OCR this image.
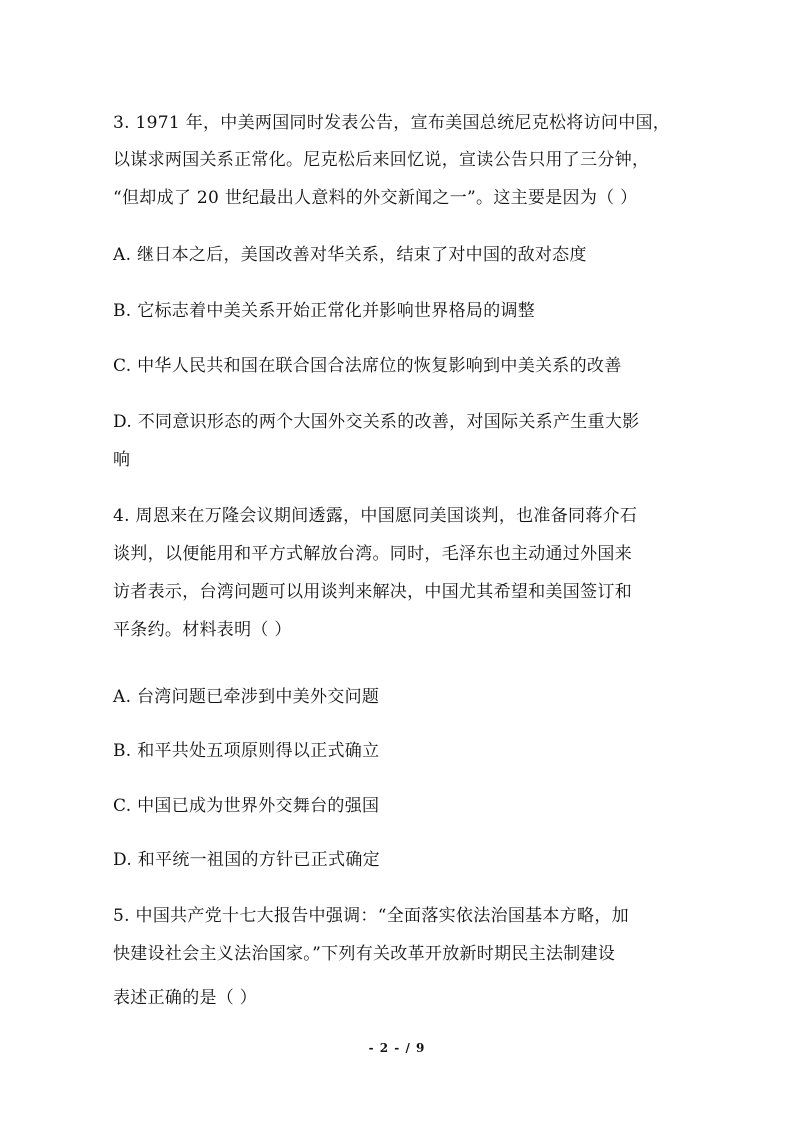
3. 1971 年，中美两国同时发表公告，宣布美国总统尼克松将访问中国，
以谋求两国关系正常化。尼克松后来回忆说，宣读公告只用了三分钟，
“但却成了 20 世纪最出人意料的外交新闻之一”。这主要是因为（ ）
A. 继日本之后，美国改善对华关系，结束了对中国的敌对态度
B. 它标志着中美关系开始正常化并影响世界格局的调整
C. 中华人民共和国在联合国合法席位的恢复影响到中美关系的改善
D. 不同意识形态的两个大国外交关系的改善，对国际关系产生重大影
响
4. 周恩来在万隆会议期间透露，中国愿同美国谈判，也准备同蒋介石
谈判，以便能用和平方式解放台湾。同时，毛泽东也主动通过外国来
访者表示，台湾问题可以用谈判来解决，中国尤其希望和美国签订和
平条约。材料表明（ ）
A. 台湾问题已牵涉到中美外交问题
B. 和平共处五项原则得以正式确立
C. 中国已成为世界外交舞台的强国
D. 和平统一祖国的方针已正式确定
5. 中国共产党十七大报告中强调：“全面落实依法治国基本方略，加
快建设社会主义法治国家。”下列有关改革开放新时期民主法制建设
表述正确的是（ ）
- 2 - / 9
